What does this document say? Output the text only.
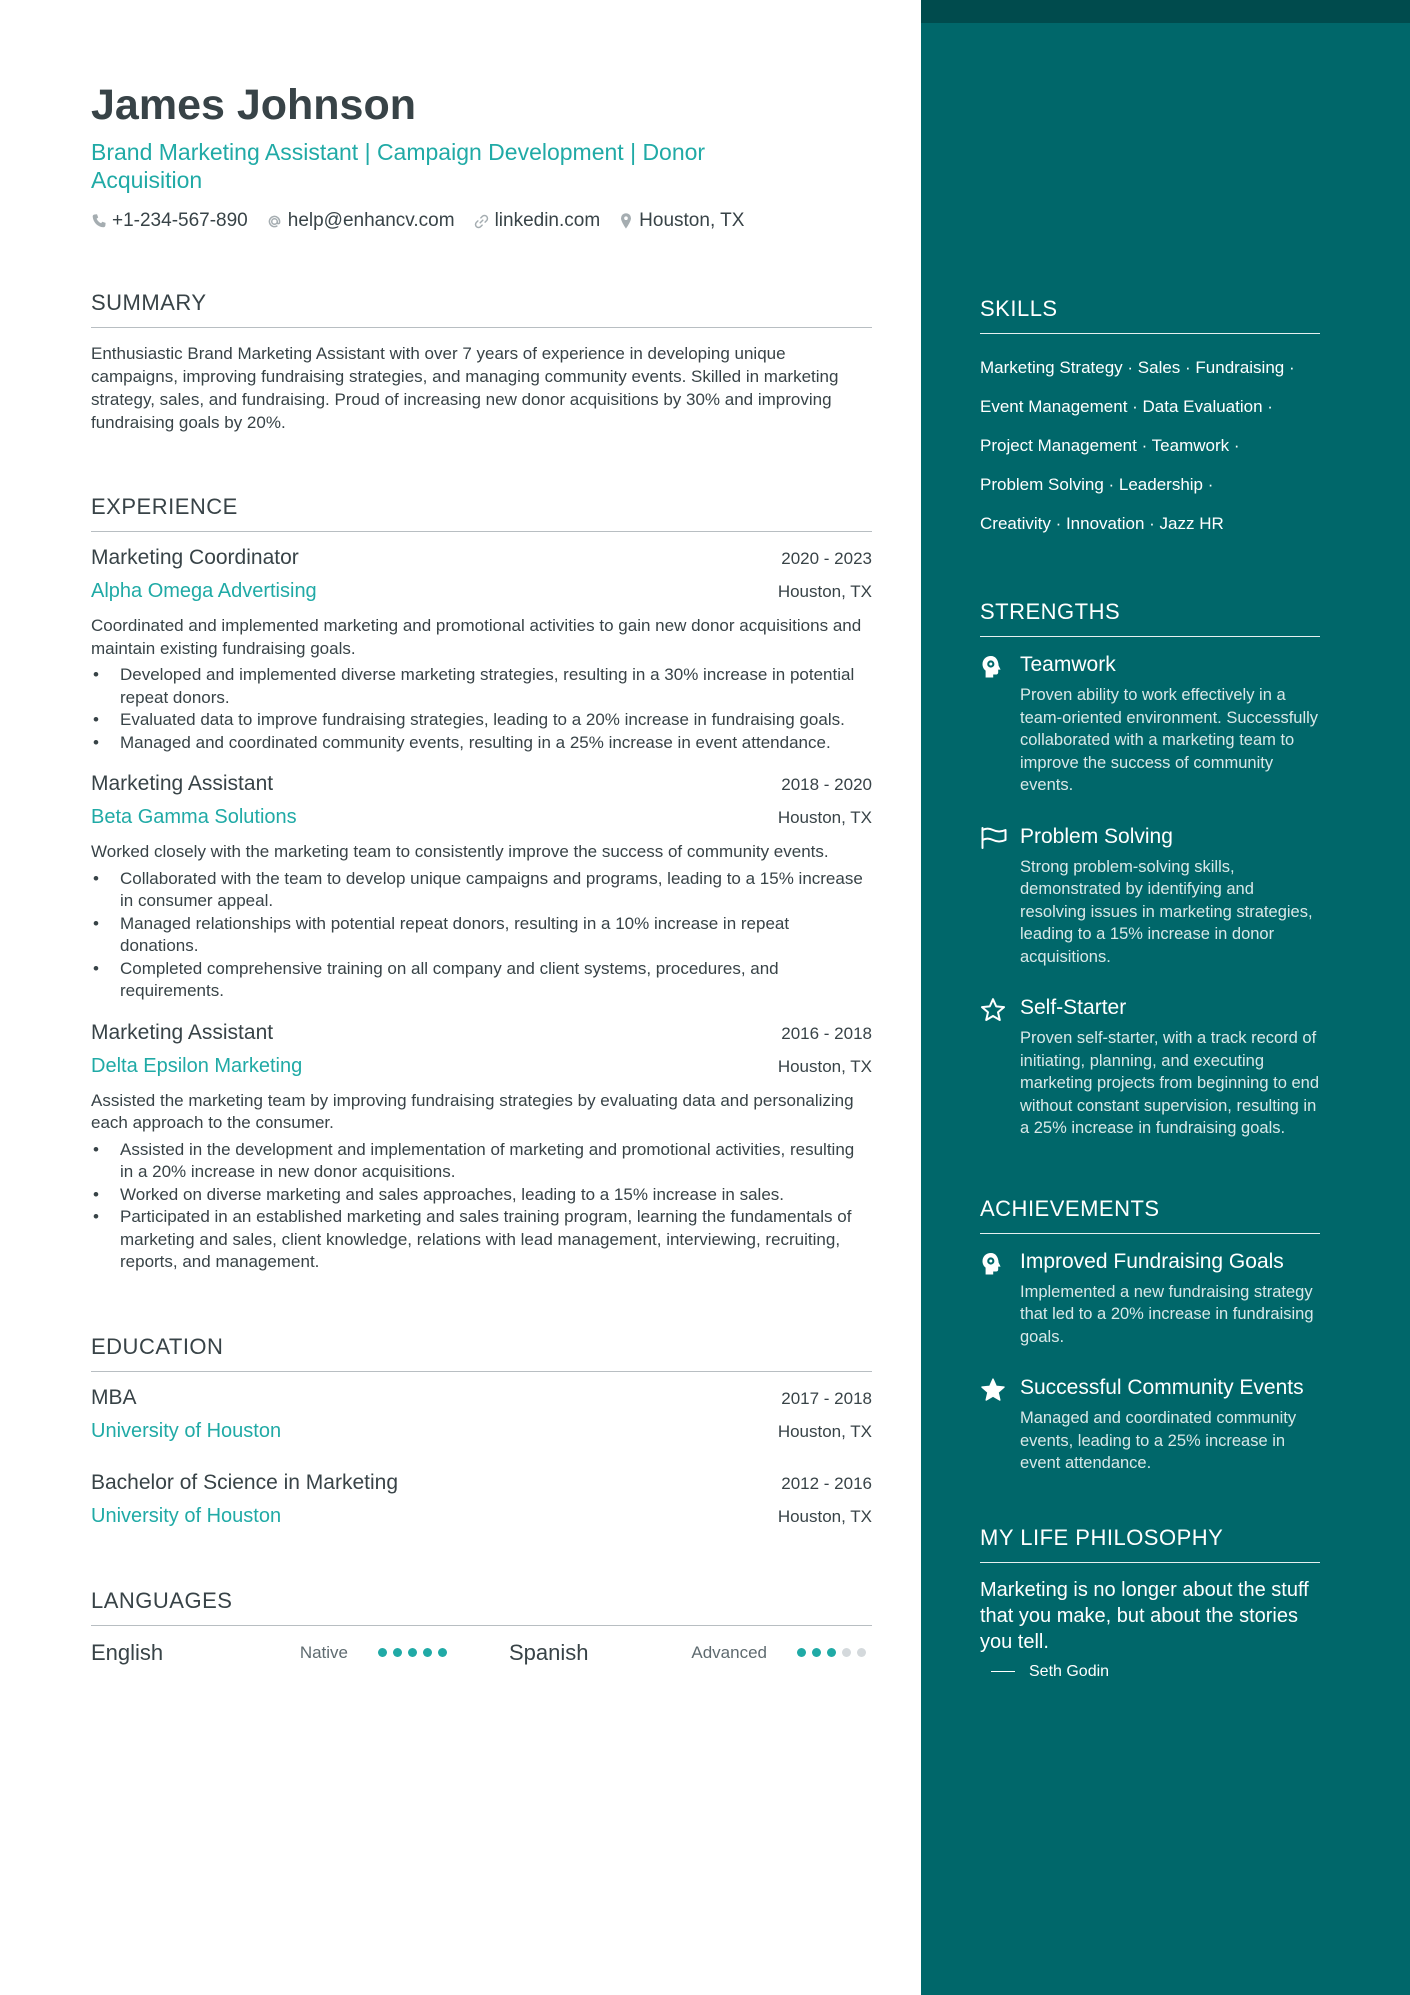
James Johnson
Brand Marketing Assistant | Campaign Development | Donor Acquisition
+1-234-567-890 help@enhancv.com linkedin.com Houston, TX
SUMMARY
Enthusiastic Brand Marketing Assistant with over 7 years of experience in developing unique campaigns, improving fundraising strategies, and managing community events. Skilled in marketing strategy, sales, and fundraising. Proud of increasing new donor acquisitions by 30% and improving fundraising goals by 20%.
EXPERIENCE
Marketing Coordinator	2020 - 2023
Alpha Omega Advertising	Houston, TX
Coordinated and implemented marketing and promotional activities to gain new donor acquisitions and maintain existing fundraising goals.
• Developed and implemented diverse marketing strategies, resulting in a 30% increase in potential repeat donors.
• Evaluated data to improve fundraising strategies, leading to a 20% increase in fundraising goals.
• Managed and coordinated community events, resulting in a 25% increase in event attendance.
Marketing Assistant	2018 - 2020
Beta Gamma Solutions	Houston, TX
Worked closely with the marketing team to consistently improve the success of community events.
• Collaborated with the team to develop unique campaigns and programs, leading to a 15% increase in consumer appeal.
• Managed relationships with potential repeat donors, resulting in a 10% increase in repeat donations.
• Completed comprehensive training on all company and client systems, procedures, and requirements.
Marketing Assistant	2016 - 2018
Delta Epsilon Marketing	Houston, TX
Assisted the marketing team by improving fundraising strategies by evaluating data and personalizing each approach to the consumer.
• Assisted in the development and implementation of marketing and promotional activities, resulting in a 20% increase in new donor acquisitions.
• Worked on diverse marketing and sales approaches, leading to a 15% increase in sales.
• Participated in an established marketing and sales training program, learning the fundamentals of marketing and sales, client knowledge, relations with lead management, interviewing, recruiting, reports, and management.
EDUCATION
MBA	2017 - 2018
University of Houston	Houston, TX
Bachelor of Science in Marketing	2012 - 2016
University of Houston	Houston, TX
LANGUAGES
English	Native	Spanish	Advanced
SKILLS
Marketing Strategy · Sales · Fundraising ·
Event Management · Data Evaluation ·
Project Management · Teamwork ·
Problem Solving · Leadership ·
Creativity · Innovation · Jazz HR
STRENGTHS
Teamwork
Proven ability to work effectively in a team-oriented environment. Successfully collaborated with a marketing team to improve the success of community events.
Problem Solving
Strong problem-solving skills, demonstrated by identifying and resolving issues in marketing strategies, leading to a 15% increase in donor acquisitions.
Self-Starter
Proven self-starter, with a track record of initiating, planning, and executing marketing projects from beginning to end without constant supervision, resulting in a 25% increase in fundraising goals.
ACHIEVEMENTS
Improved Fundraising Goals
Implemented a new fundraising strategy that led to a 20% increase in fundraising goals.
Successful Community Events
Managed and coordinated community events, leading to a 25% increase in event attendance.
MY LIFE PHILOSOPHY
Marketing is no longer about the stuff that you make, but about the stories you tell.
Seth Godin
